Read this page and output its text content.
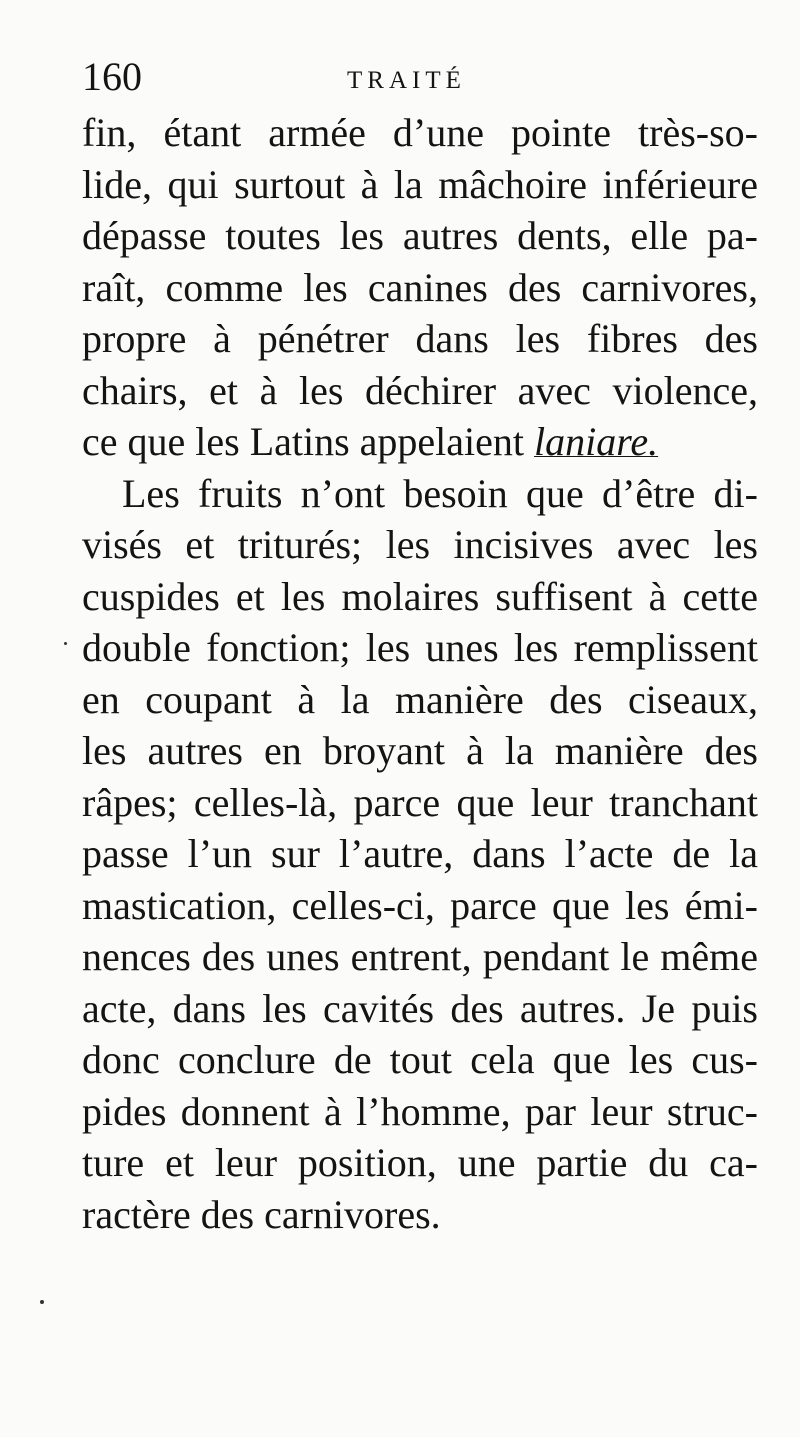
160	TRAITÉ
fin, étant armée d’une pointe très-so-
lide, qui surtout à la mâchoire inférieure
dépasse toutes les autres dents, elle pa-
raît, comme les canines des carnivores,
propre à pénétrer dans les fibres des
chairs, et à les déchirer avec violence,
ce que les Latins appelaient laniare.
Les fruits n’ont besoin que d’être di-
visés et triturés; les incisives avec les
cuspides et les molaires suffisent à cette
double fonction; les unes les remplissent
en coupant à la manière des ciseaux,
les autres en broyant à la manière des
râpes; celles-là, parce que leur tranchant
passe l’un sur l’autre, dans l’acte de la
mastication, celles-ci, parce que les émi-
nences des unes entrent, pendant le même
acte, dans les cavités des autres. Je puis
donc conclure de tout cela que les cus-
pides donnent à l’homme, par leur struc-
ture et leur position, une partie du ca-
ractère des carnivores.
